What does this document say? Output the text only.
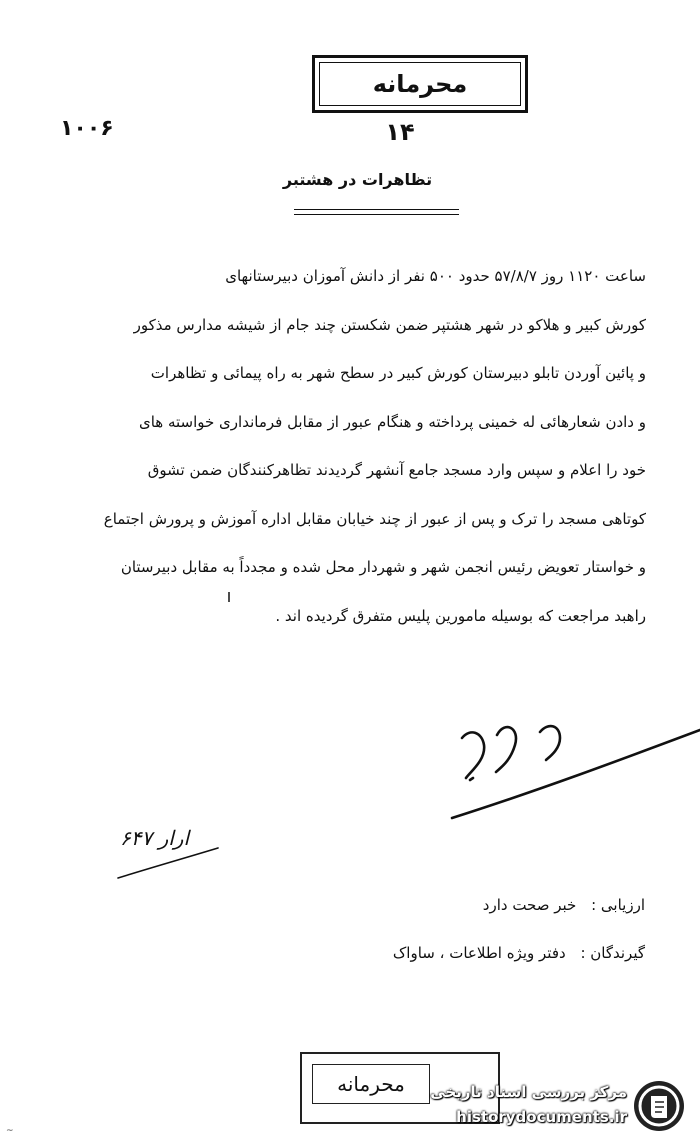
محرمانه
۱۴
۱۰۰۶
تظاهرات در هشتبر
ساعت ۱۱۲۰ روز ۵۷/۸/۷ حدود ۵۰۰ نفر از دانش آموزان دبیرستانهای
کورش کبیر و هلاکو در شهر هشتپر ضمن شکستن چند جام از شیشه مدارس مذکور
و پائین آوردن تابلو دبیرستان کورش کبیر در سطح شهر به راه پیمائی و تظاهرات
و دادن شعارهائی له خمینی پرداخته و هنگام عبور از مقابل فرمانداری خواسته های
خود را اعلام و سپس وارد مسجد جامع آنشهر گردیدند تظاهرکنندگان ضمن تشوق
کوتاهی مسجد را ترک و پس از عبور از چند خیابان مقابل اداره آموزش و پرورش اجتماع
و خواستار تعویض رئیس انجمن شهر و شهردار محل شده و مجدداً به مقابل دبیرستان
راهبد مراجعت که بوسیله مامورین پلیس متفرق گردیده اند .
ارار ۶۴۷
ارزیابی : خبر صحت دارد
گیرندگان : دفتر ویژه اطلاعات ، ساواک
محرمانه	مرکز بررسی اسناد تاریخی
historydocuments.ir
~
